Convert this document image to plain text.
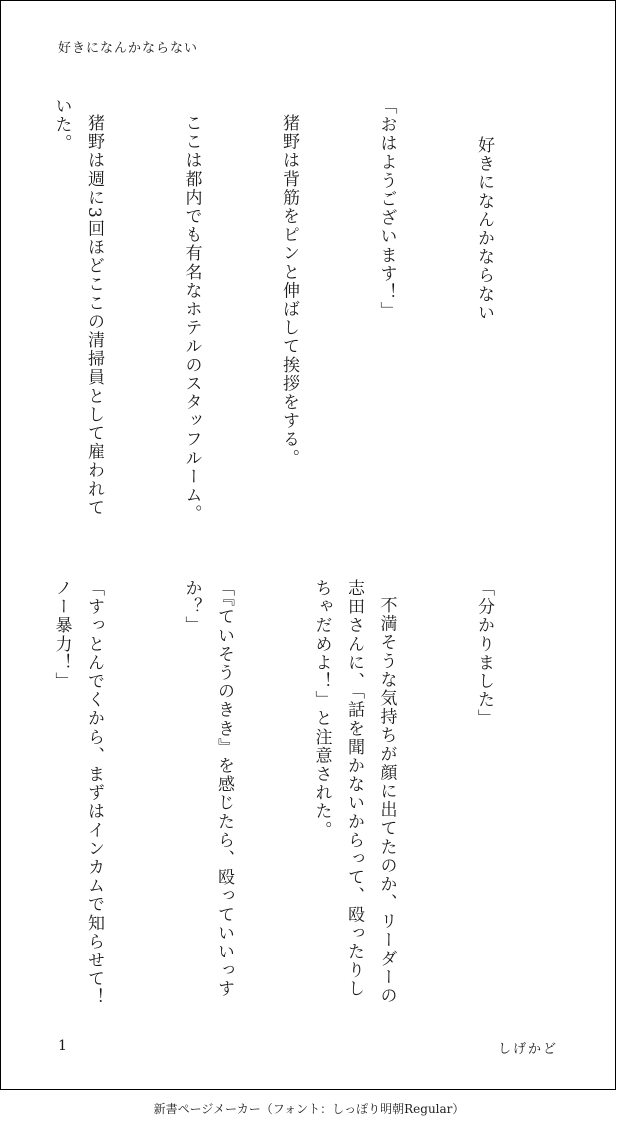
好きになんかならない

好きになんかならない

「おはようございます！」

猪野は背筋をピンと伸ばして挨拶をする。

ここは都内でも有名なホテルのスタッフルーム。

猪野は週に3回ほどここの清掃員として雇われていた。

「分かりました」

不満そうな気持ちが顔に出てたのか、リーダーの志田さんに、「話を聞かないからって、殴ったりしちゃだめよ！」と注意された。

「『ていそうのきき』を感じたら、殴っていいっすか？」

「すっとんでくから、まずはインカムで知らせて！ノー暴力！」

1	しげかど
新書ページメーカー（フォント：しっぽり明朝Regular）
